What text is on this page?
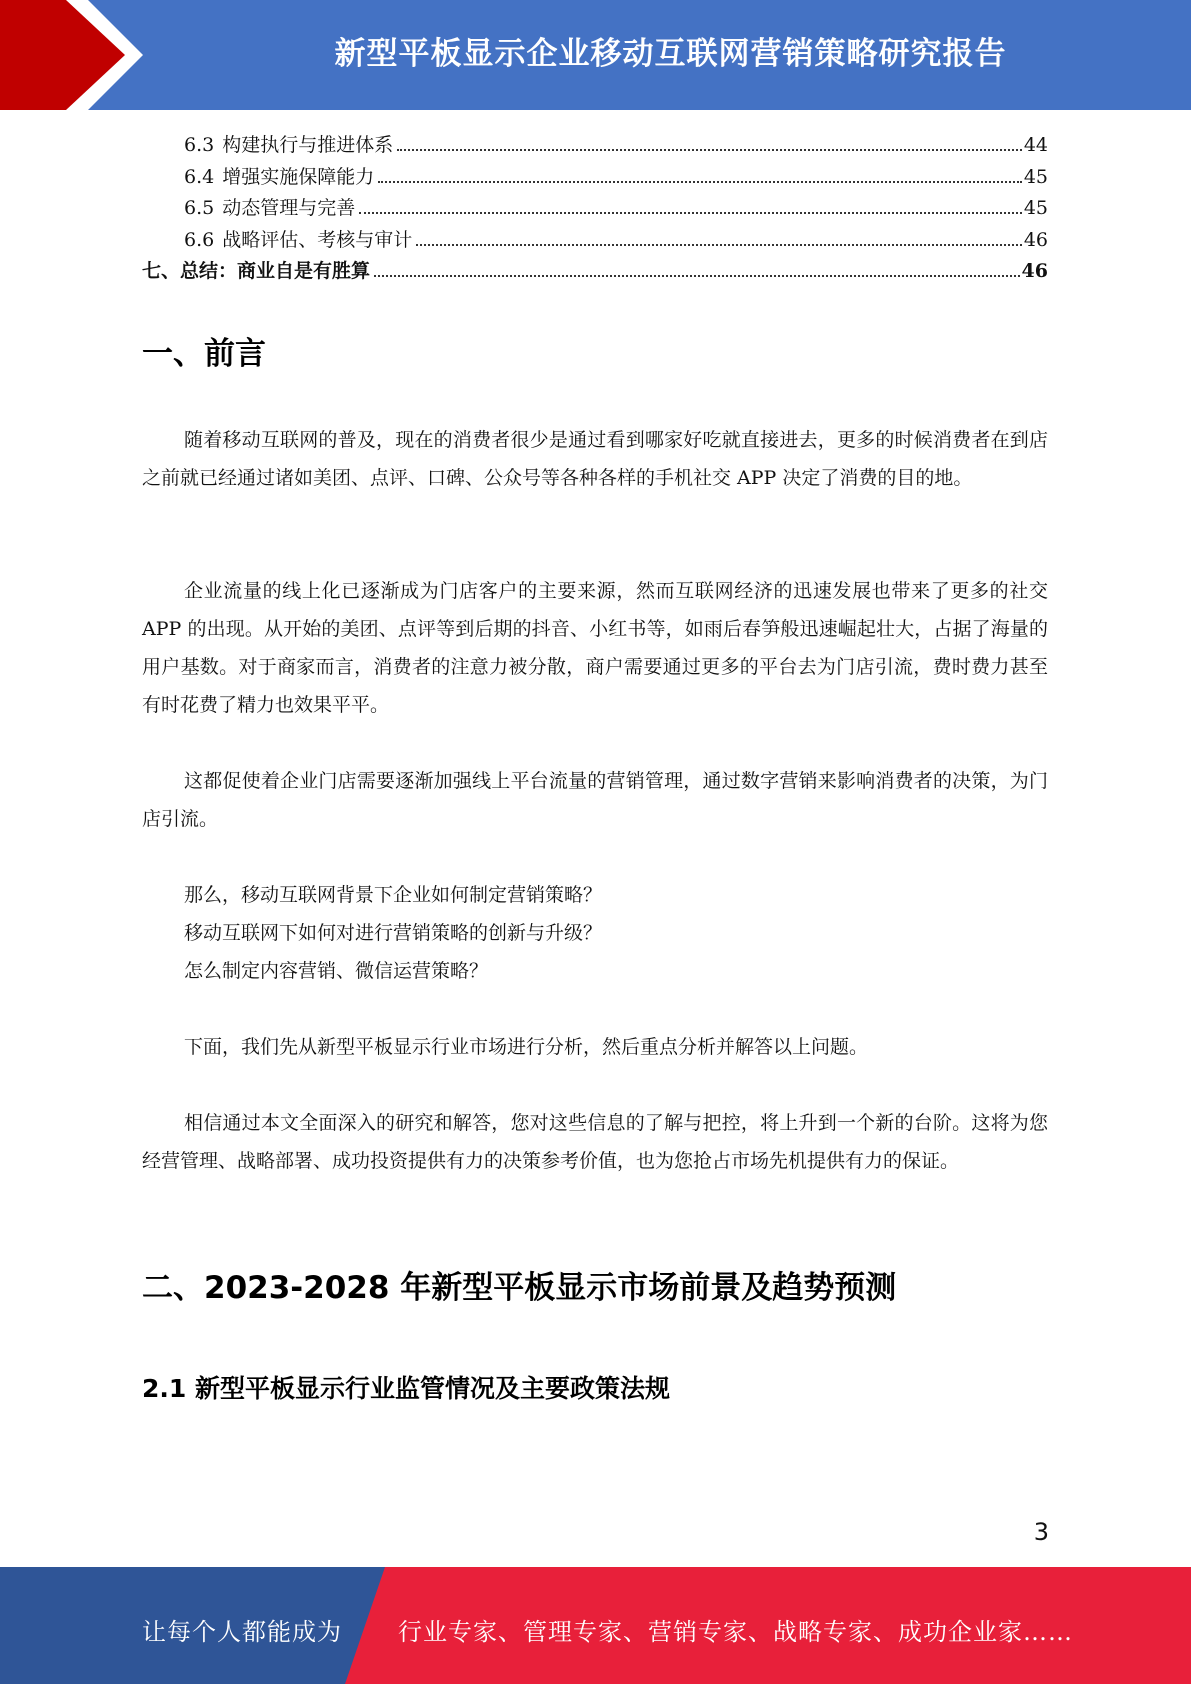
新型平板显示企业移动互联网营销策略研究报告
6.3 构建执行与推进体系	44
6.4 增强实施保障能力	45
6.5 动态管理与完善	45
6.6 战略评估、考核与审计	46
七、总结：商业自是有胜算	46
一、前言

随着移动互联网的普及，现在的消费者很少是通过看到哪家好吃就直接进去，更多的时候消费者在到店之前就已经通过诸如美团、点评、口碑、公众号等各种各样的手机社交 APP 决定了消费的目的地。

企业流量的线上化已逐渐成为门店客户的主要来源，然而互联网经济的迅速发展也带来了更多的社交 APP 的出现。从开始的美团、点评等到后期的抖音、小红书等，如雨后春笋般迅速崛起壮大，占据了海量的用户基数。对于商家而言，消费者的注意力被分散，商户需要通过更多的平台去为门店引流，费时费力甚至有时花费了精力也效果平平。

这都促使着企业门店需要逐渐加强线上平台流量的营销管理，通过数字营销来影响消费者的决策，为门店引流。

那么，移动互联网背景下企业如何制定营销策略？
移动互联网下如何对进行营销策略的创新与升级？
怎么制定内容营销、微信运营策略？

下面，我们先从新型平板显示行业市场进行分析，然后重点分析并解答以上问题。

相信通过本文全面深入的研究和解答，您对这些信息的了解与把控，将上升到一个新的台阶。这将为您经营管理、战略部署、成功投资提供有力的决策参考价值，也为您抢占市场先机提供有力的保证。

二、2023-2028 年新型平板显示市场前景及趋势预测
2.1 新型平板显示行业监管情况及主要政策法规
3
让每个人都能成为 行业专家、管理专家、营销专家、战略专家、成功企业家……
